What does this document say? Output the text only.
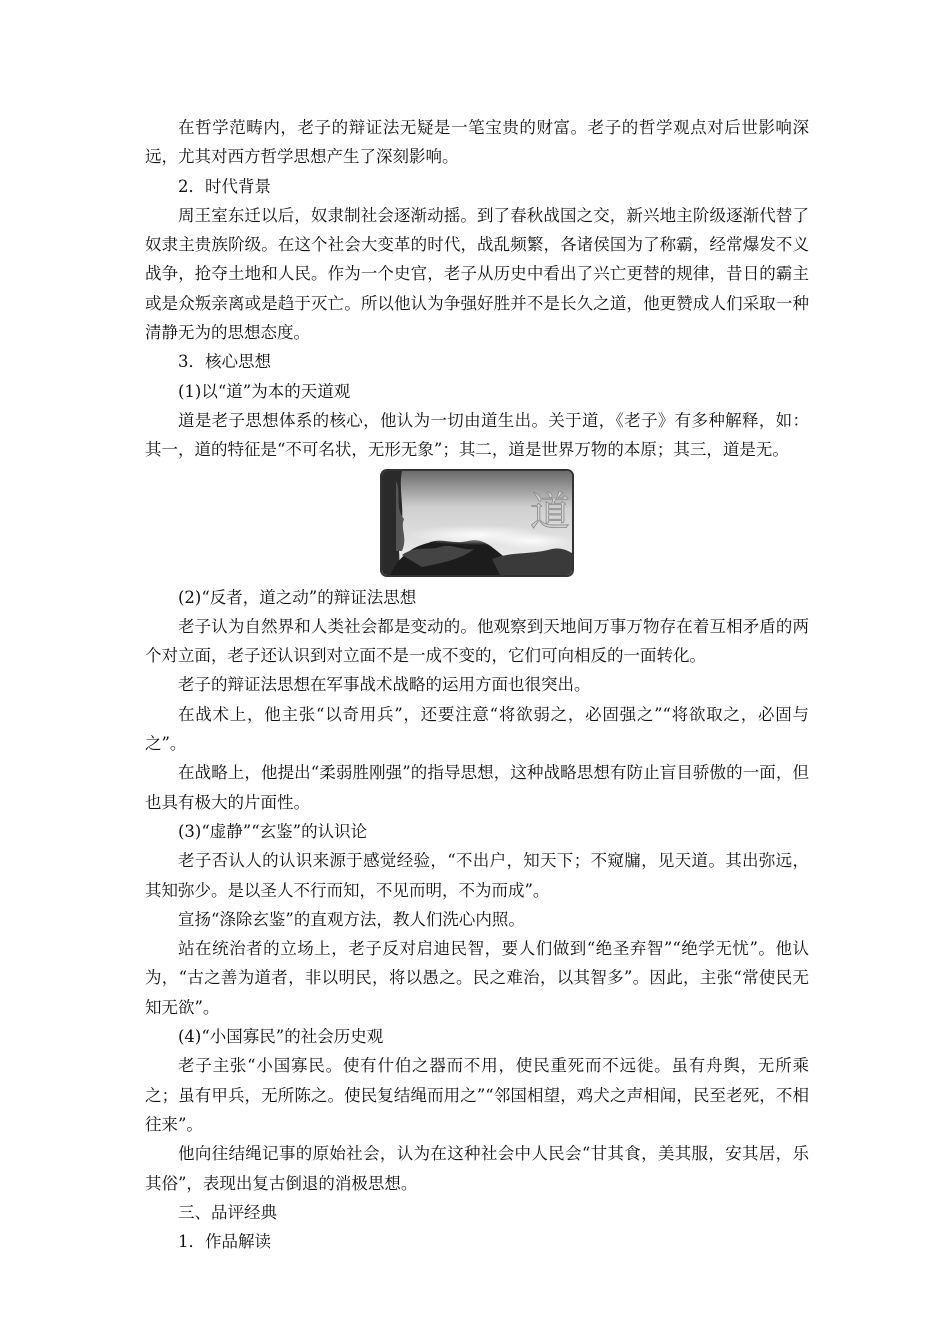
在哲学范畴内，老子的辩证法无疑是一笔宝贵的财富。老子的哲学观点对后世影响深远，尤其对西方哲学思想产生了深刻影响。

2．时代背景

周王室东迁以后，奴隶制社会逐渐动摇。到了春秋战国之交，新兴地主阶级逐渐代替了奴隶主贵族阶级。在这个社会大变革的时代，战乱频繁，各诸侯国为了称霸，经常爆发不义战争，抢夺土地和人民。作为一个史官，老子从历史中看出了兴亡更替的规律，昔日的霸主或是众叛亲离或是趋于灭亡。所以他认为争强好胜并不是长久之道，他更赞成人们采取一种清静无为的思想态度。

3．核心思想

(1)以“道”为本的天道观

道是老子思想体系的核心，他认为一切由道生出。关于道，《老子》有多种解释，如：其一，道的特征是“不可名状，无形无象”；其二，道是世界万物的本原；其三，道是无。

道

(2)“反者，道之动”的辩证法思想

老子认为自然界和人类社会都是变动的。他观察到天地间万事万物存在着互相矛盾的两个对立面，老子还认识到对立面不是一成不变的，它们可向相反的一面转化。

老子的辩证法思想在军事战术战略的运用方面也很突出。

在战术上，他主张“以奇用兵”，还要注意“将欲弱之，必固强之”“将欲取之，必固与之”。

在战略上，他提出“柔弱胜刚强”的指导思想，这种战略思想有防止盲目骄傲的一面，但也具有极大的片面性。

(3)“虚静”“玄鉴”的认识论

老子否认人的认识来源于感觉经验，“不出户，知天下；不窥牖，见天道。其出弥远，其知弥少。是以圣人不行而知，不见而明，不为而成”。

宣扬“涤除玄鉴”的直观方法，教人们洗心内照。

站在统治者的立场上，老子反对启迪民智，要人们做到“绝圣弃智”“绝学无忧”。他认为，“古之善为道者，非以明民，将以愚之。民之难治，以其智多”。因此，主张“常使民无知无欲”。

(4)“小国寡民”的社会历史观

老子主张“小国寡民。使有什伯之器而不用，使民重死而不远徙。虽有舟舆，无所乘之；虽有甲兵，无所陈之。使民复结绳而用之”“邻国相望，鸡犬之声相闻，民至老死，不相往来”。

他向往结绳记事的原始社会，认为在这种社会中人民会“甘其食，美其服，安其居，乐其俗”，表现出复古倒退的消极思想。

三、品评经典

1．作品解读
